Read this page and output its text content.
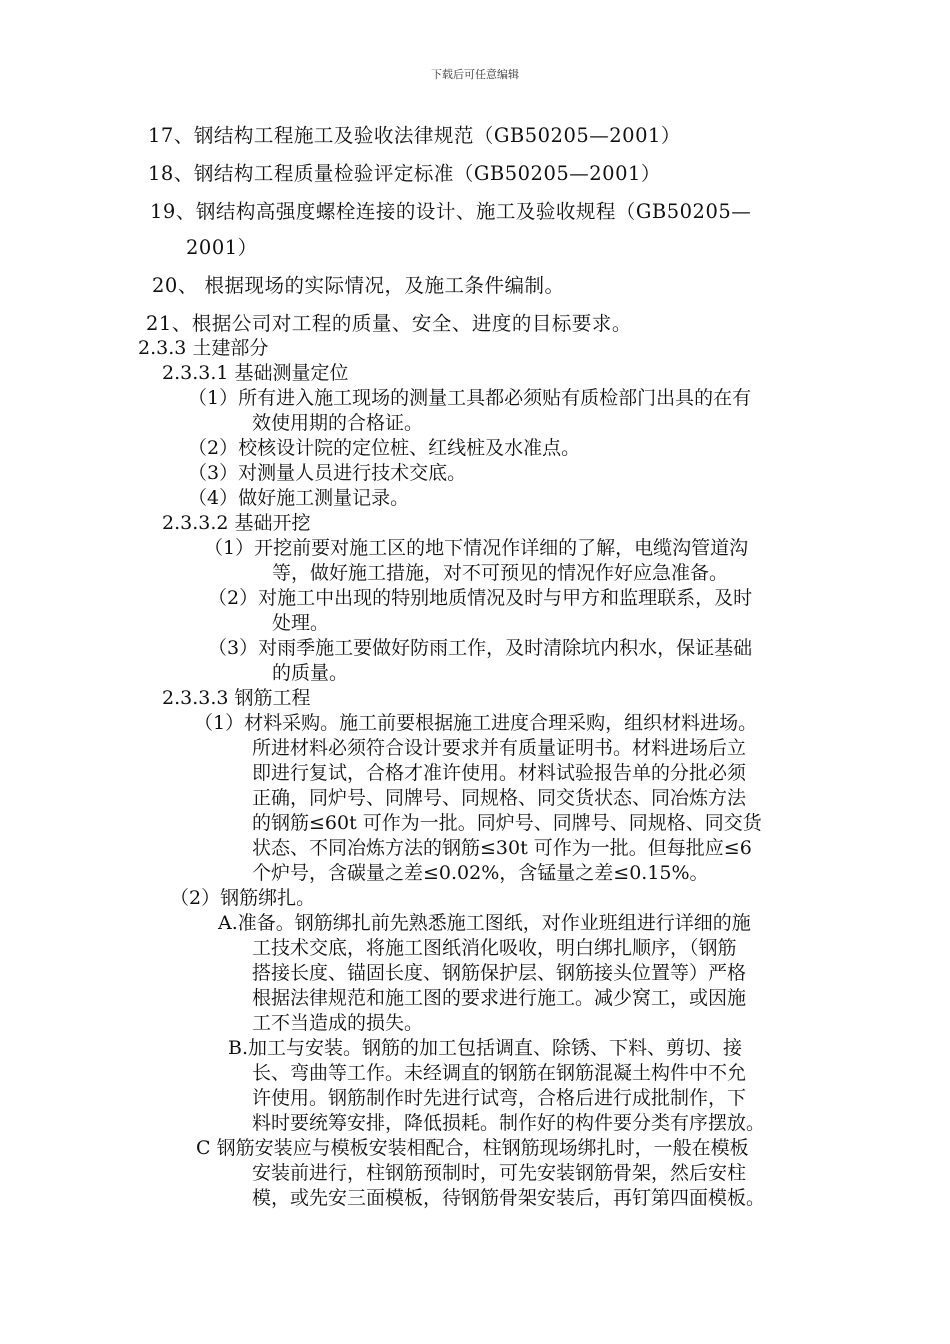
下载后可任意编辑
17、钢结构工程施工及验收法律规范（GB50205—2001）
18、钢结构工程质量检验评定标准（GB50205—2001）
19、钢结构高强度螺栓连接的设计、施工及验收规程（GB50205—
2001）
20、 根据现场的实际情况，及施工条件编制。
21、根据公司对工程的质量、安全、进度的目标要求。
2.3.3 土建部分
2.3.3.1 基础测量定位
（1）所有进入施工现场的测量工具都必须贴有质检部门出具的在有
效使用期的合格证。
（2）校核设计院的定位桩、红线桩及水准点。
（3）对测量人员进行技术交底。
（4）做好施工测量记录。
2.3.3.2 基础开挖
（1）开挖前要对施工区的地下情况作详细的了解，电缆沟管道沟
等，做好施工措施，对不可预见的情况作好应急准备。
（2）对施工中出现的特别地质情况及时与甲方和监理联系，及时
处理。
（3）对雨季施工要做好防雨工作，及时清除坑内积水，保证基础
的质量。
2.3.3.3 钢筋工程
（1）材料采购。施工前要根据施工进度合理采购，组织材料进场。
所进材料必须符合设计要求并有质量证明书。材料进场后立
即进行复试，合格才准许使用。材料试验报告单的分批必须
正确，同炉号、同牌号、同规格、同交货状态、同冶炼方法
的钢筋≤60t 可作为一批。同炉号、同牌号、同规格、同交货
状态、不同冶炼方法的钢筋≤30t 可作为一批。但每批应≤6
个炉号，含碳量之差≤0.02%，含锰量之差≤0.15%。
（2）钢筋绑扎。
A.准备。钢筋绑扎前先熟悉施工图纸，对作业班组进行详细的施
工技术交底，将施工图纸消化吸收，明白绑扎顺序，（钢筋
搭接长度、锚固长度、钢筋保护层、钢筋接头位置等）严格
根据法律规范和施工图的要求进行施工。减少窝工，或因施
工不当造成的损失。
B.加工与安装。钢筋的加工包括调直、除锈、下料、剪切、接
长、弯曲等工作。未经调直的钢筋在钢筋混凝土构件中不允
许使用。钢筋制作时先进行试弯，合格后进行成批制作，下
料时要统筹安排，降低损耗。制作好的构件要分类有序摆放。
C 钢筋安装应与模板安装相配合，柱钢筋现场绑扎时，一般在模板
安装前进行，柱钢筋预制时，可先安装钢筋骨架，然后安柱
模，或先安三面模板，待钢筋骨架安装后，再钉第四面模板。
